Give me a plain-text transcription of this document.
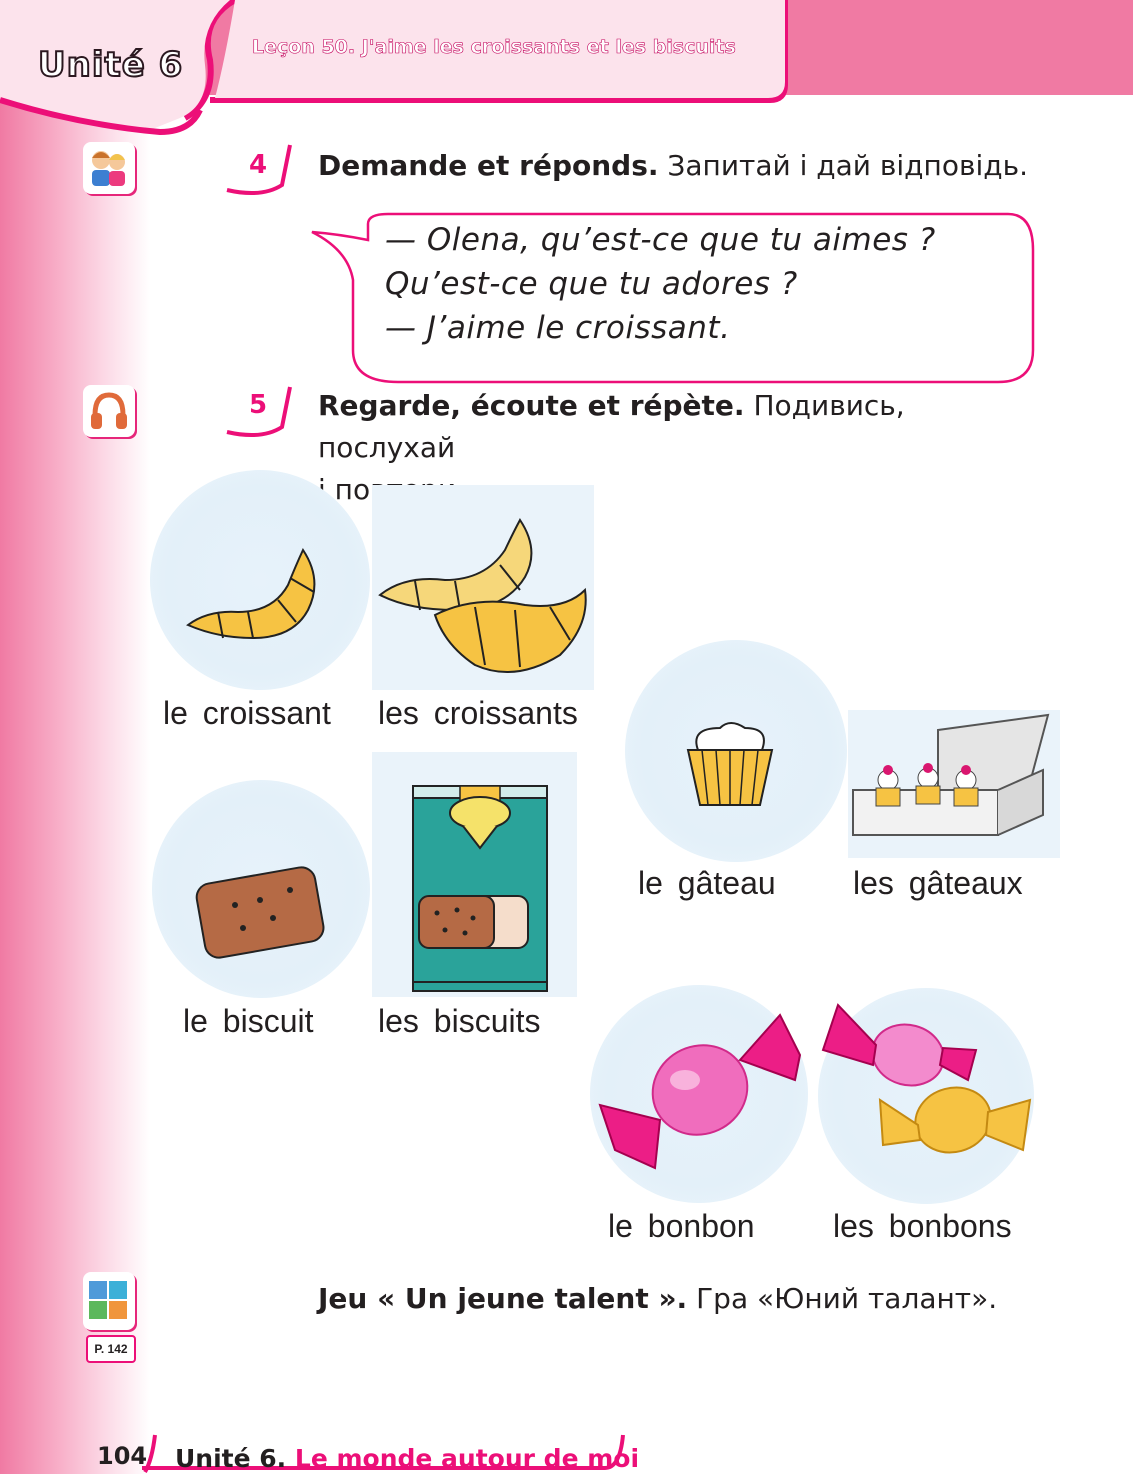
Unité 6	Leçon 50. J'aime les croissants et les biscuits
4	Demande et réponds. Запитай і дай відповідь.
— Olena, qu’est-ce que tu aimes ?
Qu’est-ce que tu adores ?
— J’aime le croissant.
5	Regarde, écoute et répète. Подивись, послухай

le croissant les croissants
le gâteau les gâteaux
le biscuit les biscuits
le bonbon les bonbons
P. 142
Jeu « Un jeune talent ». Гра «Юний талант».
104 Unité 6. Le monde autour de moi
